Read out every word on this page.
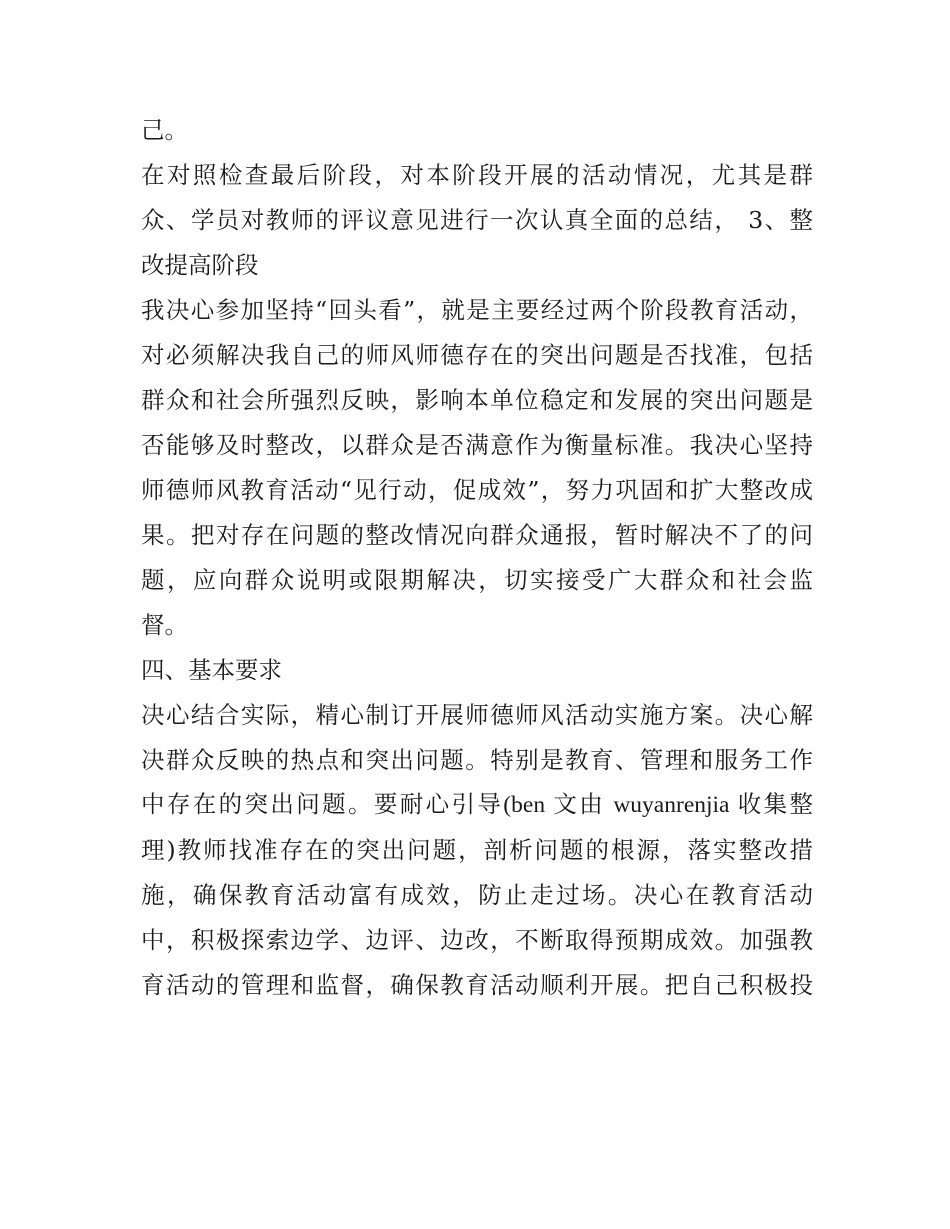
己。
在对照检查最后阶段，对本阶段开展的活动情况，尤其是群
众、学员对教师的评议意见进行一次认真全面的总结， 3、整
改提高阶段
我决心参加坚持“回头看”，就是主要经过两个阶段教育活动，
对必须解决我自己的师风师德存在的突出问题是否找准，包括
群众和社会所强烈反映，影响本单位稳定和发展的突出问题是
否能够及时整改，以群众是否满意作为衡量标准。我决心坚持
师德师风教育活动“见行动，促成效”，努力巩固和扩大整改成
果。把对存在问题的整改情况向群众通报，暂时解决不了的问
题，应向群众说明或限期解决，切实接受广大群众和社会监
督。
四、基本要求
决心结合实际，精心制订开展师德师风活动实施方案。决心解
决群众反映的热点和突出问题。特别是教育、管理和服务工作
中存在的突出问题。要耐心引导(ben 文由 wuyanrenjia 收集整
理)教师找准存在的突出问题，剖析问题的根源，落实整改措
施，确保教育活动富有成效，防止走过场。决心在教育活动
中，积极探索边学、边评、边改，不断取得预期成效。加强教
育活动的管理和监督，确保教育活动顺利开展。把自己积极投
